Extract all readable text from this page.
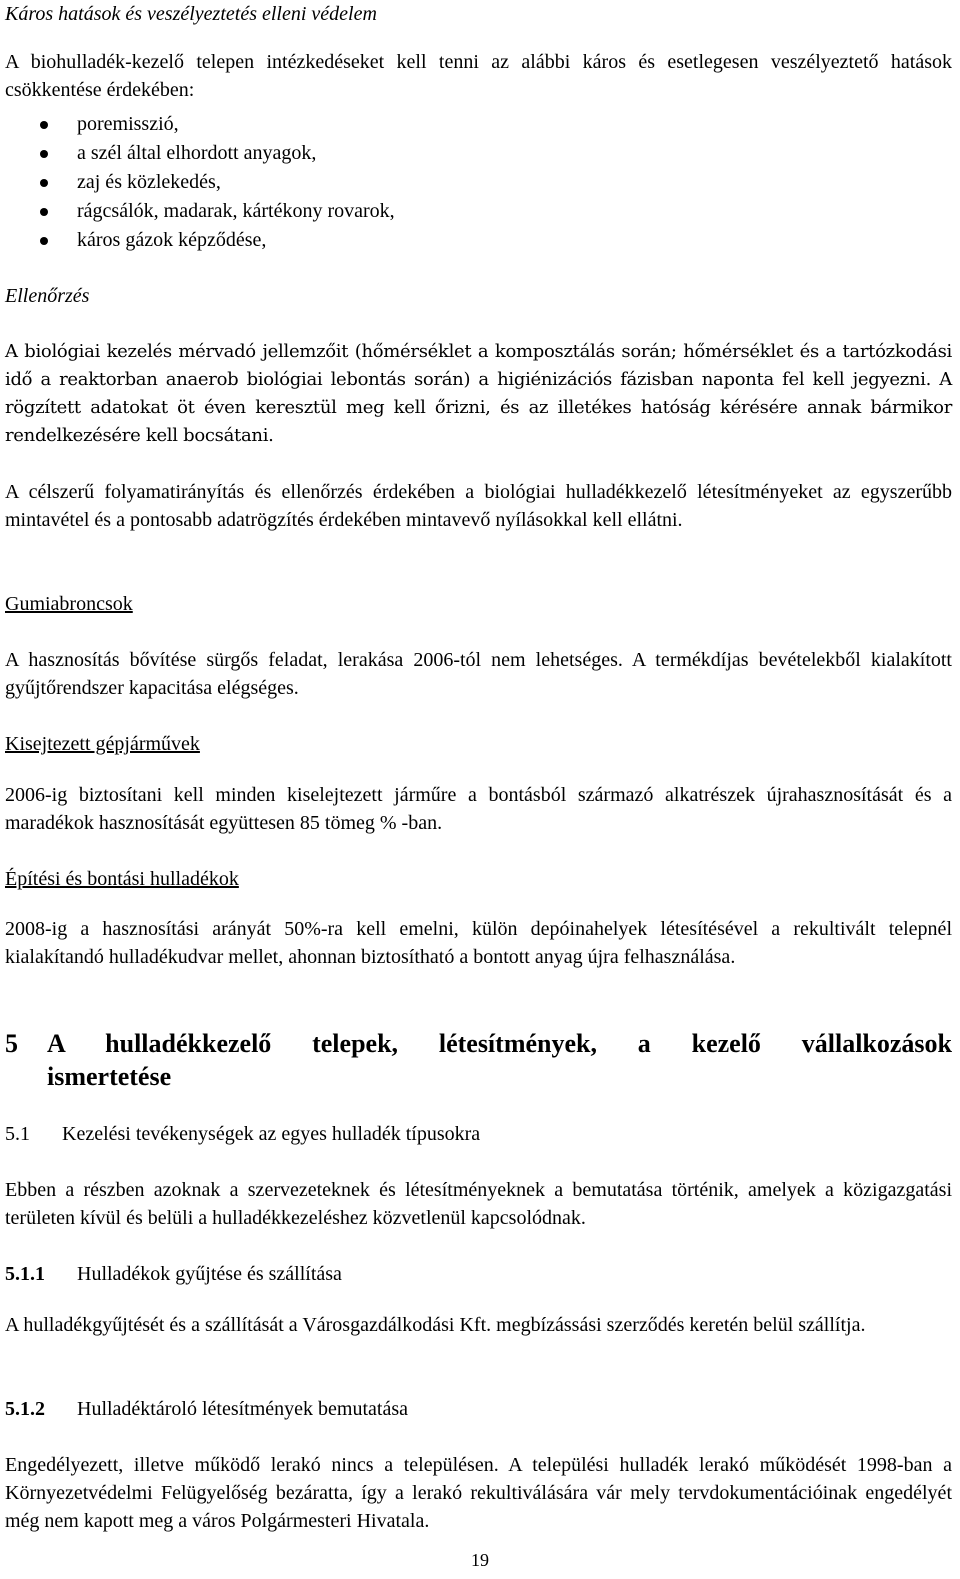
Káros hatások és veszélyeztetés elleni védelem

A biohulladék-kezelő telepen intézkedéseket kell tenni az alábbi káros és esetlegesen veszélyeztető hatások csökkentése érdekében:

poremisszió,
a szél által elhordott anyagok,
zaj és közlekedés,
rágcsálók, madarak, kártékony rovarok,
káros gázok képződése,

Ellenőrzés

A biológiai kezelés mérvadó jellemzőit (hőmérséklet a komposztálás során; hőmérséklet és a tartózkodási idő a reaktorban anaerob biológiai lebontás során) a higiénizációs fázisban naponta fel kell jegyezni. A rögzített adatokat öt éven keresztül meg kell őrizni, és az illetékes hatóság kérésére annak bármikor rendelkezésére kell bocsátani.

A célszerű folyamatirányítás és ellenőrzés érdekében a biológiai hulladékkezelő létesítményeket az egyszerűbb mintavétel és a pontosabb adatrögzítés érdekében mintavevő nyílásokkal kell ellátni.

Gumiabroncsok

A hasznosítás bővítése sürgős feladat, lerakása 2006-tól nem lehetséges. A termékdíjas bevételekből kialakított gyűjtőrendszer kapacitása elégséges.

Kisejtezett gépjárművek

2006-ig biztosítani kell minden kiselejtezett járműre a bontásból származó alkatrészek újrahasznosítását és a maradékok hasznosítását együttesen 85 tömeg % -ban.

Építési és bontási hulladékok

2008-ig a hasznosítási arányát 50%-ra kell emelni, külön depóinahelyek létesítésével a rekultivált telepnél kialakítandó hulladékudvar mellet, ahonnan biztosítható a bontott anyag újra felhasználása.

5	A hulladékkezelő telepek, létesítmények, a kezelő vállalkozások
ismertetése
5.1	Kezelési tevékenységek az egyes hulladék típusokra

Ebben a részben azoknak a szervezeteknek és létesítményeknek a bemutatása történik, amelyek a közigazgatási területen kívül és belüli a hulladékkezeléshez közvetlenül kapcsolódnak.

5.1.1	Hulladékok gyűjtése és szállítása

A hulladékgyűjtését és a szállítását a Városgazdálkodási Kft. megbízássási szerződés keretén belül szállítja.

5.1.2	Hulladéktároló létesítmények bemutatása

Engedélyezett, illetve működő lerakó nincs a településen. A települési hulladék lerakó működését 1998-ban a Környezetvédelmi Felügyelőség bezáratta, így a lerakó rekultiválására vár mely tervdokumentációinak engedélyét még nem kapott meg a város Polgármesteri Hivatala.

19
